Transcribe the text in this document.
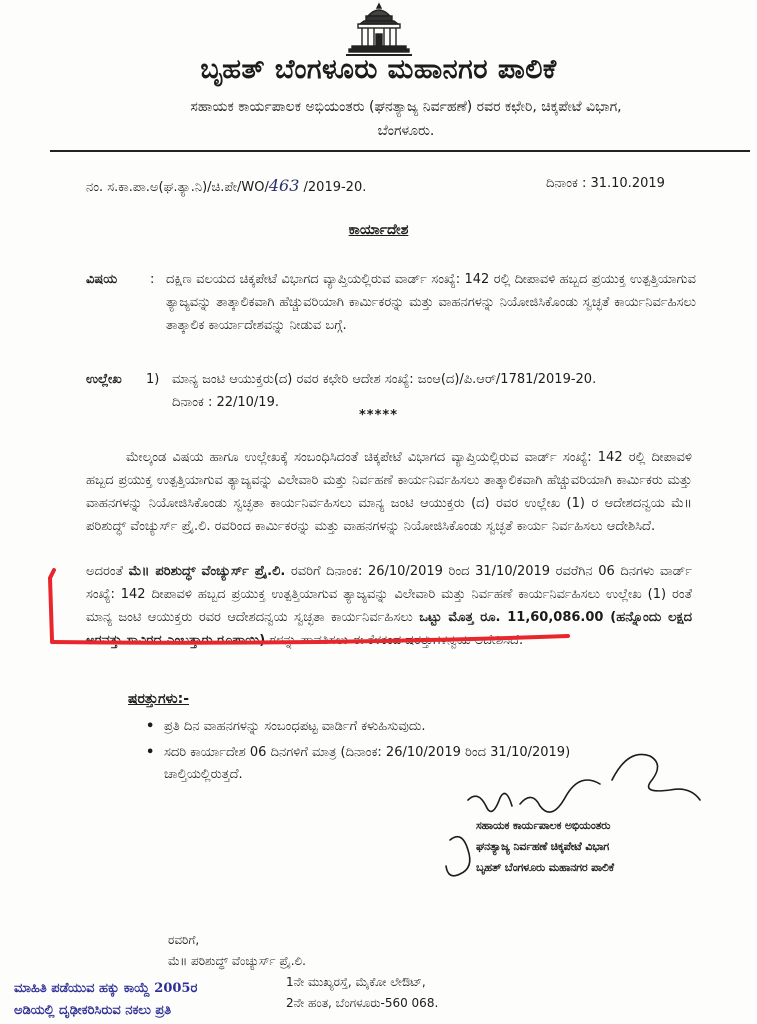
ಬೃಹತ್ ಬೆಂಗಳೂರು ಮಹಾನಗರ ಪಾಲಿಕೆ
ಸಹಾಯಕ ಕಾರ್ಯಪಾಲಕ ಅಭಿಯಂತರು (ಘನತ್ಯಾಜ್ಯ ನಿರ್ವಹಣೆ) ರವರ ಕಛೇರಿ, ಚಿಕ್ಕಪೇಟೆ ವಿಭಾಗ,
ಬೆಂಗಳೂರು.
ನಂ. ಸ.ಕಾ.ಪಾ.ಅ(ಘ.ತ್ಯಾ.ನಿ)/ಚಿ.ಪೇ/WO/463 /2019-20.	ದಿನಾಂಕ : 31.10.2019
ಕಾರ್ಯಾದೇಶ
ವಿಷಯ	: ದಕ್ಷಿಣ ವಲಯದ ಚಿಕ್ಕಪೇಟೆ ವಿಭಾಗದ ವ್ಯಾಪ್ತಿಯಲ್ಲಿರುವ ವಾರ್ಡ್ ಸಂಖ್ಯೆ: 142 ರಲ್ಲಿ ದೀಪಾವಳಿ ಹಬ್ಬದ ಪ್ರಯುಕ್ತ ಉತ್ಪತ್ತಿಯಾಗುವ ತ್ಯಾಜ್ಯವನ್ನು ತಾತ್ಕಾಲಿಕವಾಗಿ ಹೆಚ್ಚುವರಿಯಾಗಿ ಕಾರ್ಮಿಕರನ್ನು ಮತ್ತು ವಾಹನಗಳನ್ನು ನಿಯೋಜಿಸಿಕೊಂಡು ಸ್ವಚ್ಛತೆ ಕಾರ್ಯನಿರ್ವಹಿಸಲು ತಾತ್ಕಾಲಿಕ ಕಾರ್ಯಾದೇಶವನ್ನು ನೀಡುವ ಬಗ್ಗೆ.
ಉಲ್ಲೇಖ 1) ಮಾನ್ಯ ಜಂಟಿ ಆಯುಕ್ತರು(ದ) ರವರ ಕಛೇರಿ ಆದೇಶ ಸಂಖ್ಯೆ: ಜಂಆ(ದ)/ಪಿ.ಆರ್/1781/2019-20.
ದಿನಾಂಕ : 22/10/19.
*****
ಮೇಲ್ಕಂಡ ವಿಷಯ ಹಾಗೂ ಉಲ್ಲೇಖಕ್ಕೆ ಸಂಬಂಧಿಸಿದಂತೆ ಚಿಕ್ಕಪೇಟೆ ವಿಭಾಗದ ವ್ಯಾಪ್ತಿಯಲ್ಲಿರುವ ವಾರ್ಡ್ ಸಂಖ್ಯೆ: 142 ರಲ್ಲಿ ದೀಪಾವಳಿ ಹಬ್ಬದ ಪ್ರಯುಕ್ತ ಉತ್ಪತ್ತಿಯಾಗುವ ತ್ಯಾಜ್ಯವನ್ನು ವಿಲೇವಾರಿ ಮತ್ತು ನಿರ್ವಹಣೆ ಕಾರ್ಯನಿರ್ವಹಿಸಲು ತಾತ್ಕಾಲಿಕವಾಗಿ ಹೆಚ್ಚುವರಿಯಾಗಿ ಕಾರ್ಮಿಕರು ಮತ್ತು ವಾಹನಗಳನ್ನು ನಿಯೋಜಿಸಿಕೊಂಡು ಸ್ವಚ್ಛತಾ ಕಾರ್ಯನಿರ್ವಹಿಸಲು ಮಾನ್ಯ ಜಂಟಿ ಆಯುಕ್ತರು (ದ) ರವರ ಉಲ್ಲೇಖ (1) ರ ಆದೇಶದನ್ವಯ ಮೆ॥ ಪರಿಶುದ್ಧ್ ವೆಂಚ್ಯುರ್ಸ್ ಪ್ರೈ.ಲಿ. ರವರಿಂದ ಕಾರ್ಮಿಕರನ್ನು ಮತ್ತು ವಾಹನಗಳನ್ನು ನಿಯೋಜಿಸಿಕೊಂಡು ಸ್ವಚ್ಛತೆ ಕಾರ್ಯ ನಿರ್ವಹಿಸಲು ಆದೇಶಿಸಿದೆ.
ಅದರಂತೆ ಮೆ॥ ಪರಿಶುದ್ಧ್ ವೆಂಚ್ಯುರ್ಸ್ ಪ್ರೈ.ಲಿ. ರವರಿಗೆ ದಿನಾಂಕ: 26/10/2019 ರಿಂದ 31/10/2019 ರವರೆಗಿನ 06 ದಿನಗಳು ವಾರ್ಡ್ ಸಂಖ್ಯೆ: 142 ದೀಪಾವಳಿ ಹಬ್ಬದ ಪ್ರಯುಕ್ತ ಉತ್ಪತ್ತಿಯಾಗುವ ತ್ಯಾಜ್ಯವನ್ನು ವಿಲೇವಾರಿ ಮತ್ತು ನಿರ್ವಹಣೆ ಕಾರ್ಯನಿರ್ವಹಿಸಲು ಉಲ್ಲೇಖ (1) ರಂತೆ ಮಾನ್ಯ ಜಂಟಿ ಆಯುಕ್ತರು ರವರ ಆದೇಶದನ್ವಯ ಸ್ವಚ್ಛತಾ ಕಾರ್ಯನಿರ್ವಹಿಸಲು ಒಟ್ಟು ಮೊತ್ತ ರೂ. 11,60,086.00 (ಹನ್ನೊಂದು ಲಕ್ಷದ ಅರವತ್ತು ಸಾವಿರದ ಎಂಬತ್ತಾರು ರೂಪಾಯಿ) ಗಳನ್ನು ಪಾವತಿಸಲು ಈ ಕೆಳಕಂಡ ಷರತ್ತುಗಳನ್ವಯ ಆದೇಶಿಸಿದೆ.
ಷರತ್ತುಗಳು:-
• ಪ್ರತಿ ದಿನ ವಾಹನಗಳನ್ನು ಸಂಬಂಧಪಟ್ಟ ವಾರ್ಡಿಗೆ ಕಳುಹಿಸುವುದು.
• ಸದರಿ ಕಾರ್ಯಾದೇಶ 06 ದಿನಗಳಿಗೆ ಮಾತ್ರ (ದಿನಾಂಕ: 26/10/2019 ರಿಂದ 31/10/2019)
ಚಾಲ್ತಿಯಲ್ಲಿರುತ್ತದೆ.
ಸಹಾಯಕ ಕಾರ್ಯಪಾಲಕ ಅಭಿಯಂತರು
ಘನತ್ಯಾಜ್ಯ ನಿರ್ವಹಣೆ ಚಿಕ್ಕಪೇಟೆ ವಿಭಾಗ
ಬೃಹತ್ ಬೆಂಗಳೂರು ಮಹಾನಗರ ಪಾಲಿಕೆ
ರವರಿಗೆ,
ಮೆ॥ ಪರಿಶುದ್ಧ್ ವೆಂಚ್ಯುರ್ಸ್ ಪ್ರೈ.ಲಿ.
1ನೇ ಮುಖ್ಯರಸ್ತೆ, ಮೈಕೋ ಲೇಔಟ್,
2ನೇ ಹಂತ, ಬೆಂಗಳೂರು-560 068.
ಮಾಹಿತಿ ಪಡೆಯುವ ಹಕ್ಕು ಕಾಯ್ದೆ 2005ರ
ಅಡಿಯಲ್ಲಿ ದೃಢೀಕರಿಸಿರುವ ನಕಲು ಪ್ರತಿ
